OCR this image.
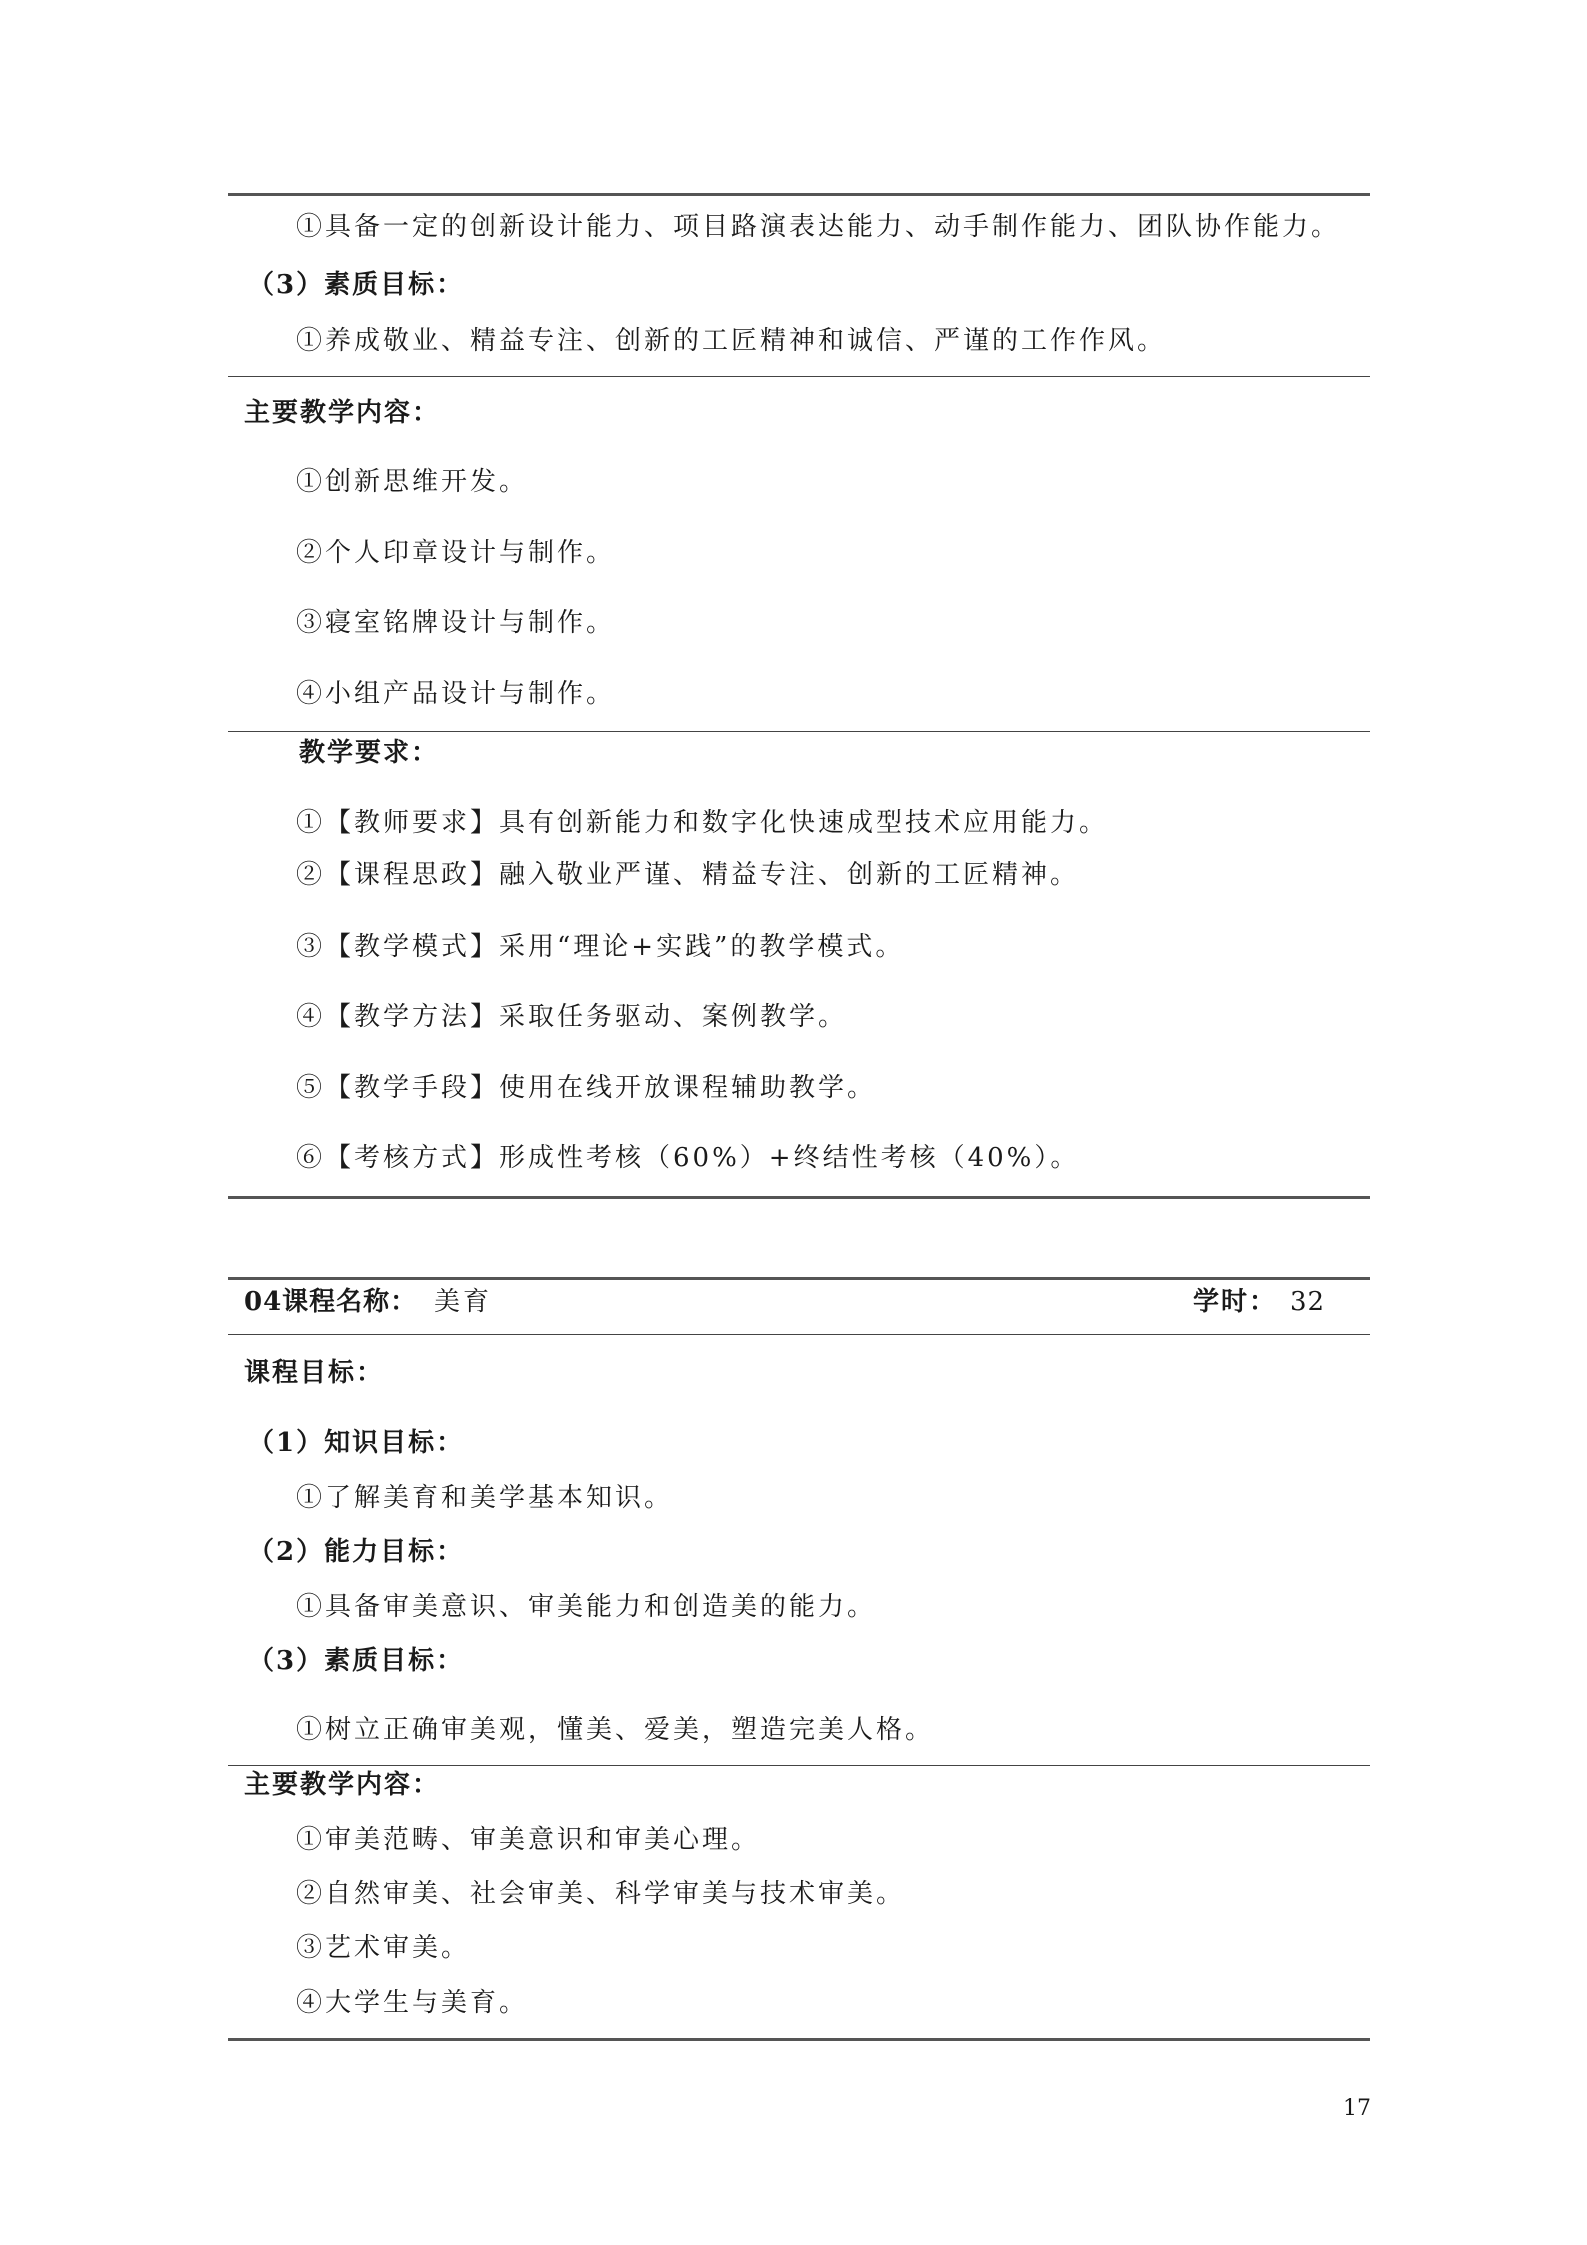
①具备一定的创新设计能力、项目路演表达能力、动手制作能力、团队协作能力。
（3）素质目标：
①养成敬业、精益专注、创新的工匠精神和诚信、严谨的工作作风。
主要教学内容：
①创新思维开发。
②个人印章设计与制作。
③寝室铭牌设计与制作。
④小组产品设计与制作。
教学要求：
①【教师要求】具有创新能力和数字化快速成型技术应用能力。
②【课程思政】融入敬业严谨、精益专注、创新的工匠精神。
③【教学模式】采用“理论+实践”的教学模式。
④【教学方法】采取任务驱动、案例教学。
⑤【教学手段】使用在线开放课程辅助教学。
⑥【考核方式】形成性考核（60%）+终结性考核（40%）。
04课程名称： 美育	学时： 32
课程目标：
（1）知识目标：
①了解美育和美学基本知识。
（2）能力目标：
①具备审美意识、审美能力和创造美的能力。
（3）素质目标：
①树立正确审美观，懂美、爱美，塑造完美人格。
主要教学内容：
①审美范畴、审美意识和审美心理。
②自然审美、社会审美、科学审美与技术审美。
③艺术审美。
④大学生与美育。
17
